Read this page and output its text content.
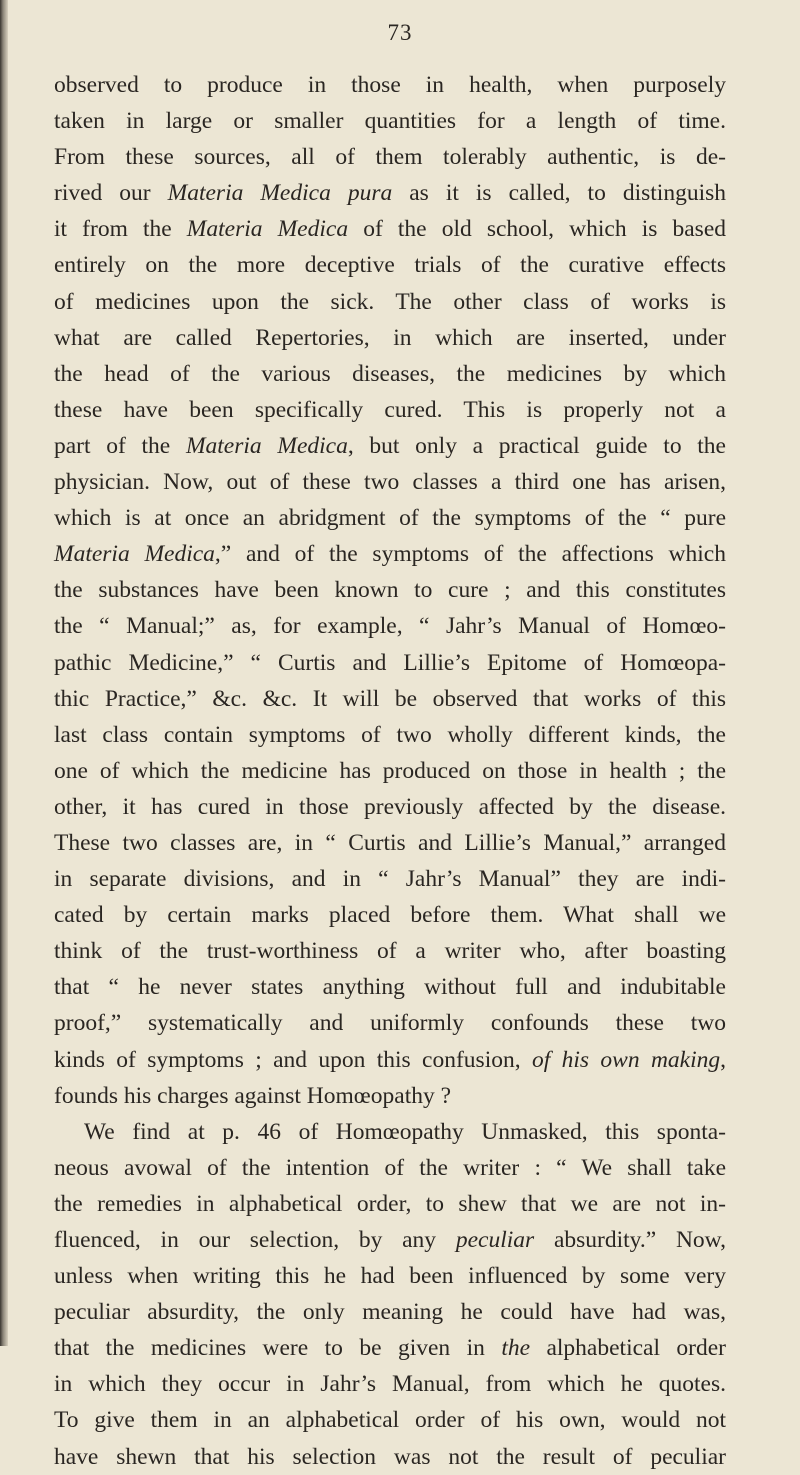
73
observed to produce in those in health, when purposely
taken in large or smaller quantities for a length of time.
From these sources, all of them tolerably authentic, is de-
rived our Materia Medica pura as it is called, to distinguish
it from the Materia Medica of the old school, which is based
entirely on the more deceptive trials of the curative effects
of medicines upon the sick. The other class of works is
what are called Repertories, in which are inserted, under
the head of the various diseases, the medicines by which
these have been specifically cured. This is properly not a
part of the Materia Medica, but only a practical guide to the
physician. Now, out of these two classes a third one has arisen,
which is at once an abridgment of the symptoms of the “ pure
Materia Medica,” and of the symptoms of the affections which
the substances have been known to cure ; and this constitutes
the “ Manual;” as, for example, “ Jahr’s Manual of Homœo-
pathic Medicine,” “ Curtis and Lillie’s Epitome of Homœopa-
thic Practice,” &c. &c. It will be observed that works of this
last class contain symptoms of two wholly different kinds, the
one of which the medicine has produced on those in health ; the
other, it has cured in those previously affected by the disease.
These two classes are, in “ Curtis and Lillie’s Manual,” arranged
in separate divisions, and in “ Jahr’s Manual” they are indi-
cated by certain marks placed before them. What shall we
think of the trust-worthiness of a writer who, after boasting
that “ he never states anything without full and indubitable
proof,” systematically and uniformly confounds these two
kinds of symptoms ; and upon this confusion, of his own making,
founds his charges against Homœopathy ?
We find at p. 46 of Homœopathy Unmasked, this sponta-
neous avowal of the intention of the writer : “ We shall take
the remedies in alphabetical order, to shew that we are not in-
fluenced, in our selection, by any peculiar absurdity.” Now,
unless when writing this he had been influenced by some very
peculiar absurdity, the only meaning he could have had was,
that the medicines were to be given in the alphabetical order
in which they occur in Jahr’s Manual, from which he quotes.
To give them in an alphabetical order of his own, would not
have shewn that his selection was not the result of peculiar
